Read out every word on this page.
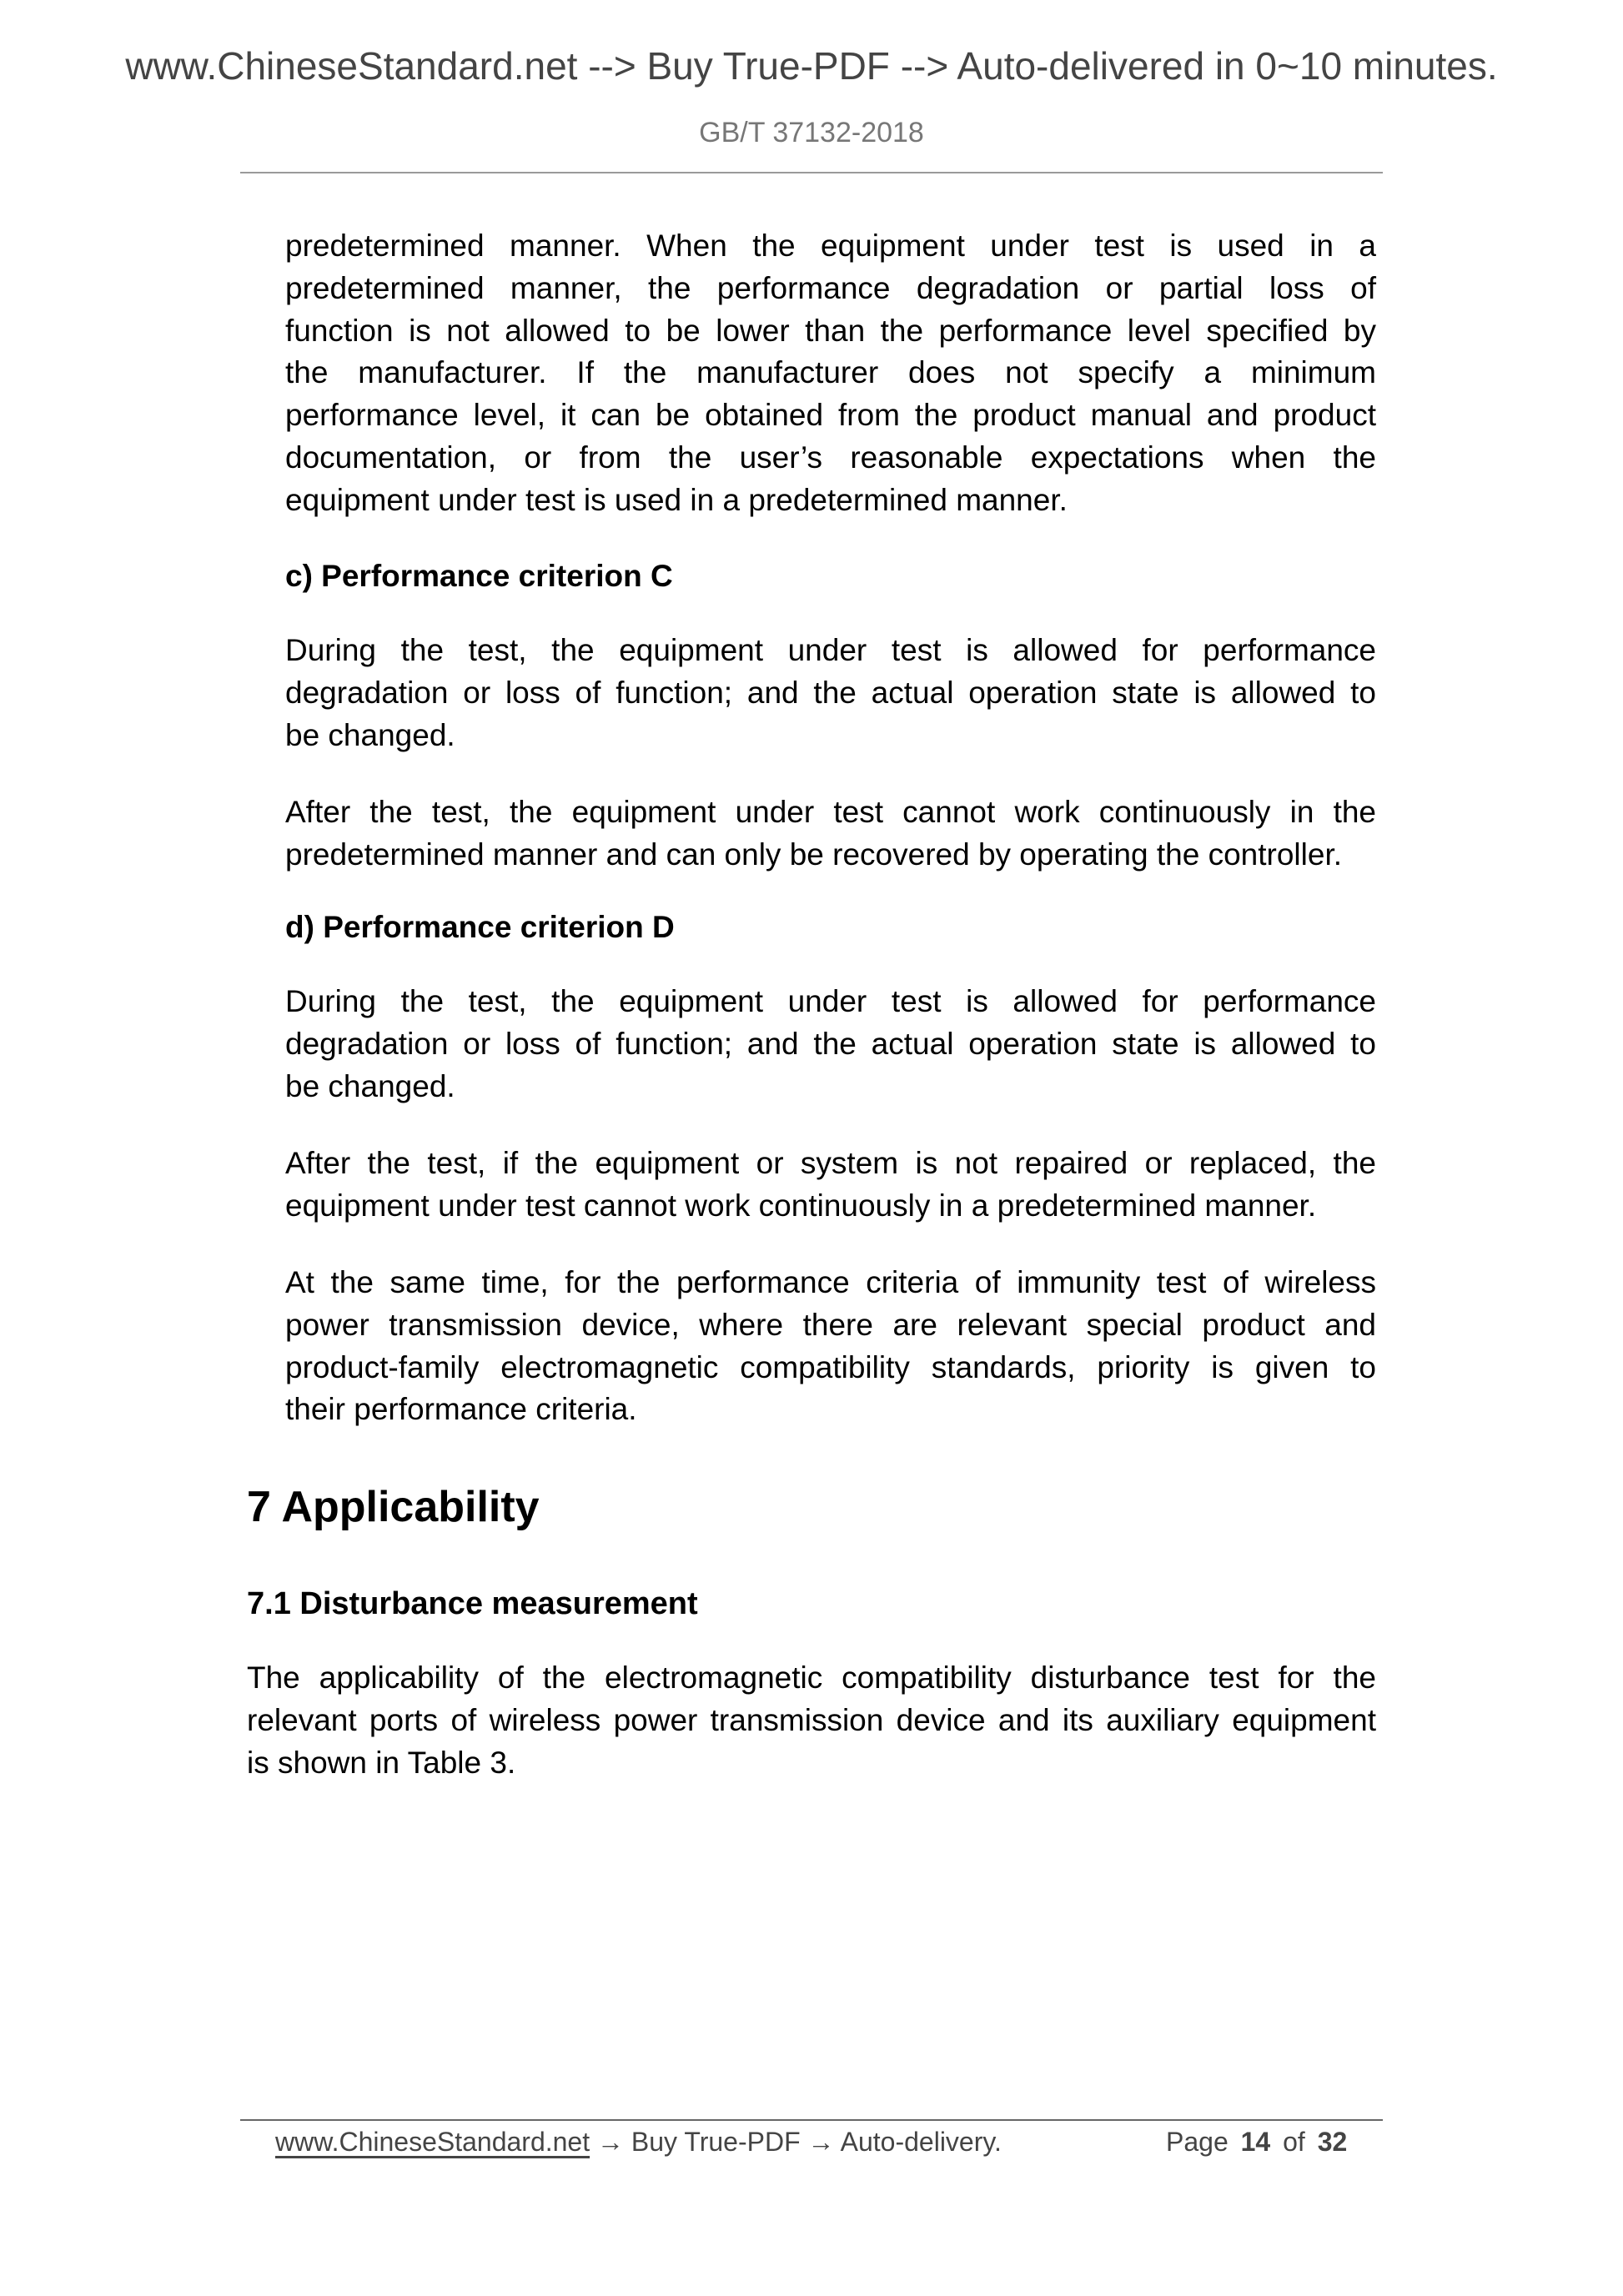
www.ChineseStandard.net --> Buy True-PDF --> Auto-delivered in 0~10 minutes.
GB/T 37132-2018
predetermined manner. When the equipment under test is used in a
predetermined manner, the performance degradation or partial loss of
function is not allowed to be lower than the performance level specified by
the manufacturer. If the manufacturer does not specify a minimum
performance level, it can be obtained from the product manual and product
documentation, or from the user’s reasonable expectations when the
equipment under test is used in a predetermined manner.
c) Performance criterion C
During the test, the equipment under test is allowed for performance
degradation or loss of function; and the actual operation state is allowed to
be changed.
After the test, the equipment under test cannot work continuously in the
predetermined manner and can only be recovered by operating the controller.
d) Performance criterion D
During the test, the equipment under test is allowed for performance
degradation or loss of function; and the actual operation state is allowed to
be changed.
After the test, if the equipment or system is not repaired or replaced, the
equipment under test cannot work continuously in a predetermined manner.
At the same time, for the performance criteria of immunity test of wireless
power transmission device, where there are relevant special product and
product-family electromagnetic compatibility standards, priority is given to
their performance criteria.
7 Applicability
7.1 Disturbance measurement
The applicability of the electromagnetic compatibility disturbance test for the
relevant ports of wireless power transmission device and its auxiliary equipment
is shown in Table 3.
www.ChineseStandard.net → Buy True-PDF → Auto-delivery.	Page 14 of 32
